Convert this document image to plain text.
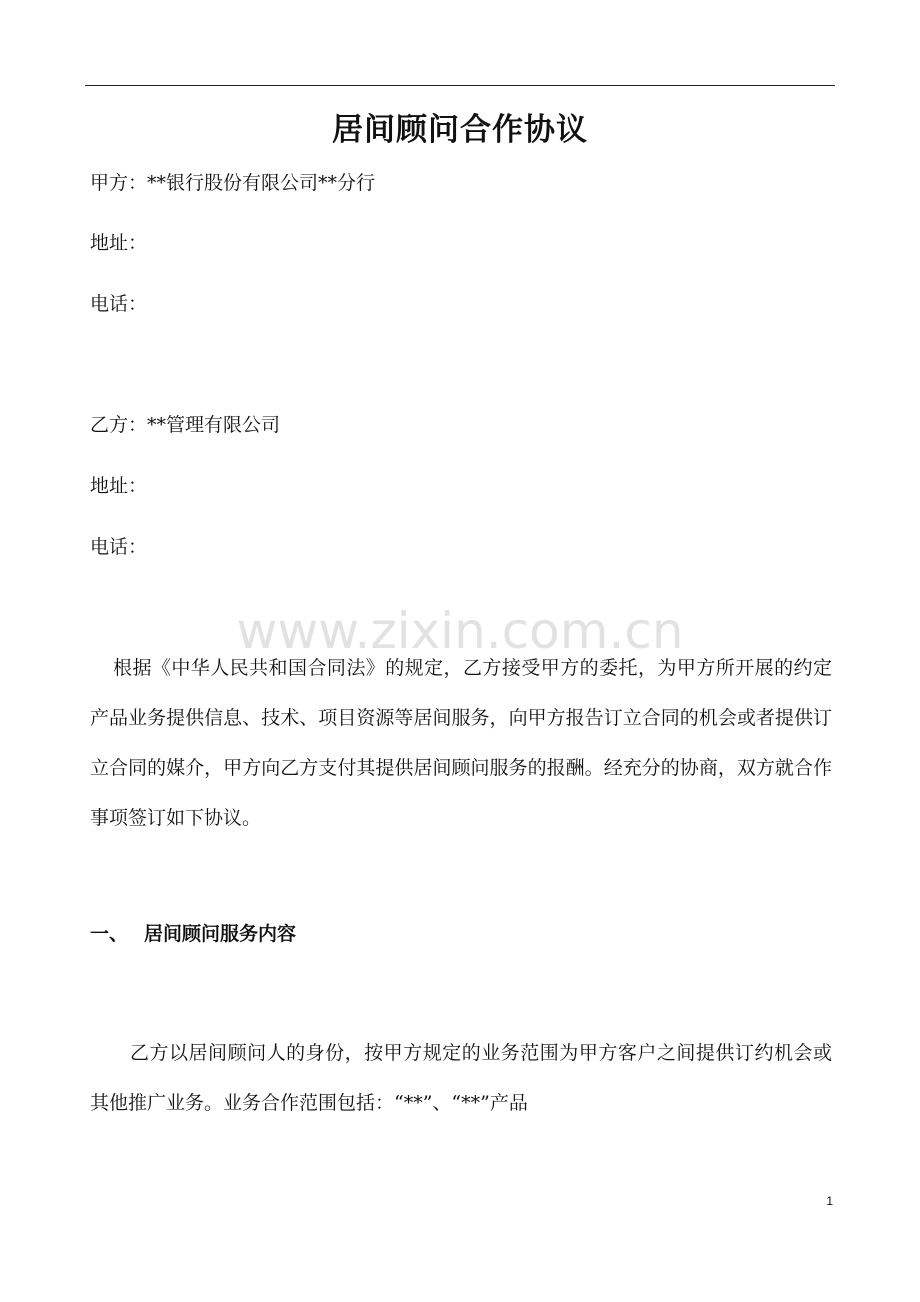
居间顾问合作协议

甲方：**银行股份有限公司**分行

地址：

电话：

乙方：**管理有限公司

地址：

电话：

www.zixin.com.cn

根据《中华人民共和国合同法》的规定，乙方接受甲方的委托，为甲方所开展的约定产品业务提供信息、技术、项目资源等居间服务，向甲方报告订立合同的机会或者提供订立合同的媒介，甲方向乙方支付其提供居间顾问服务的报酬。经充分的协商，双方就合作事项签订如下协议。

一、 居间顾问服务内容

乙方以居间顾问人的身份，按甲方规定的业务范围为甲方客户之间提供订约机会或其他推广业务。业务合作范围包括：“**”、“**”产品

1
